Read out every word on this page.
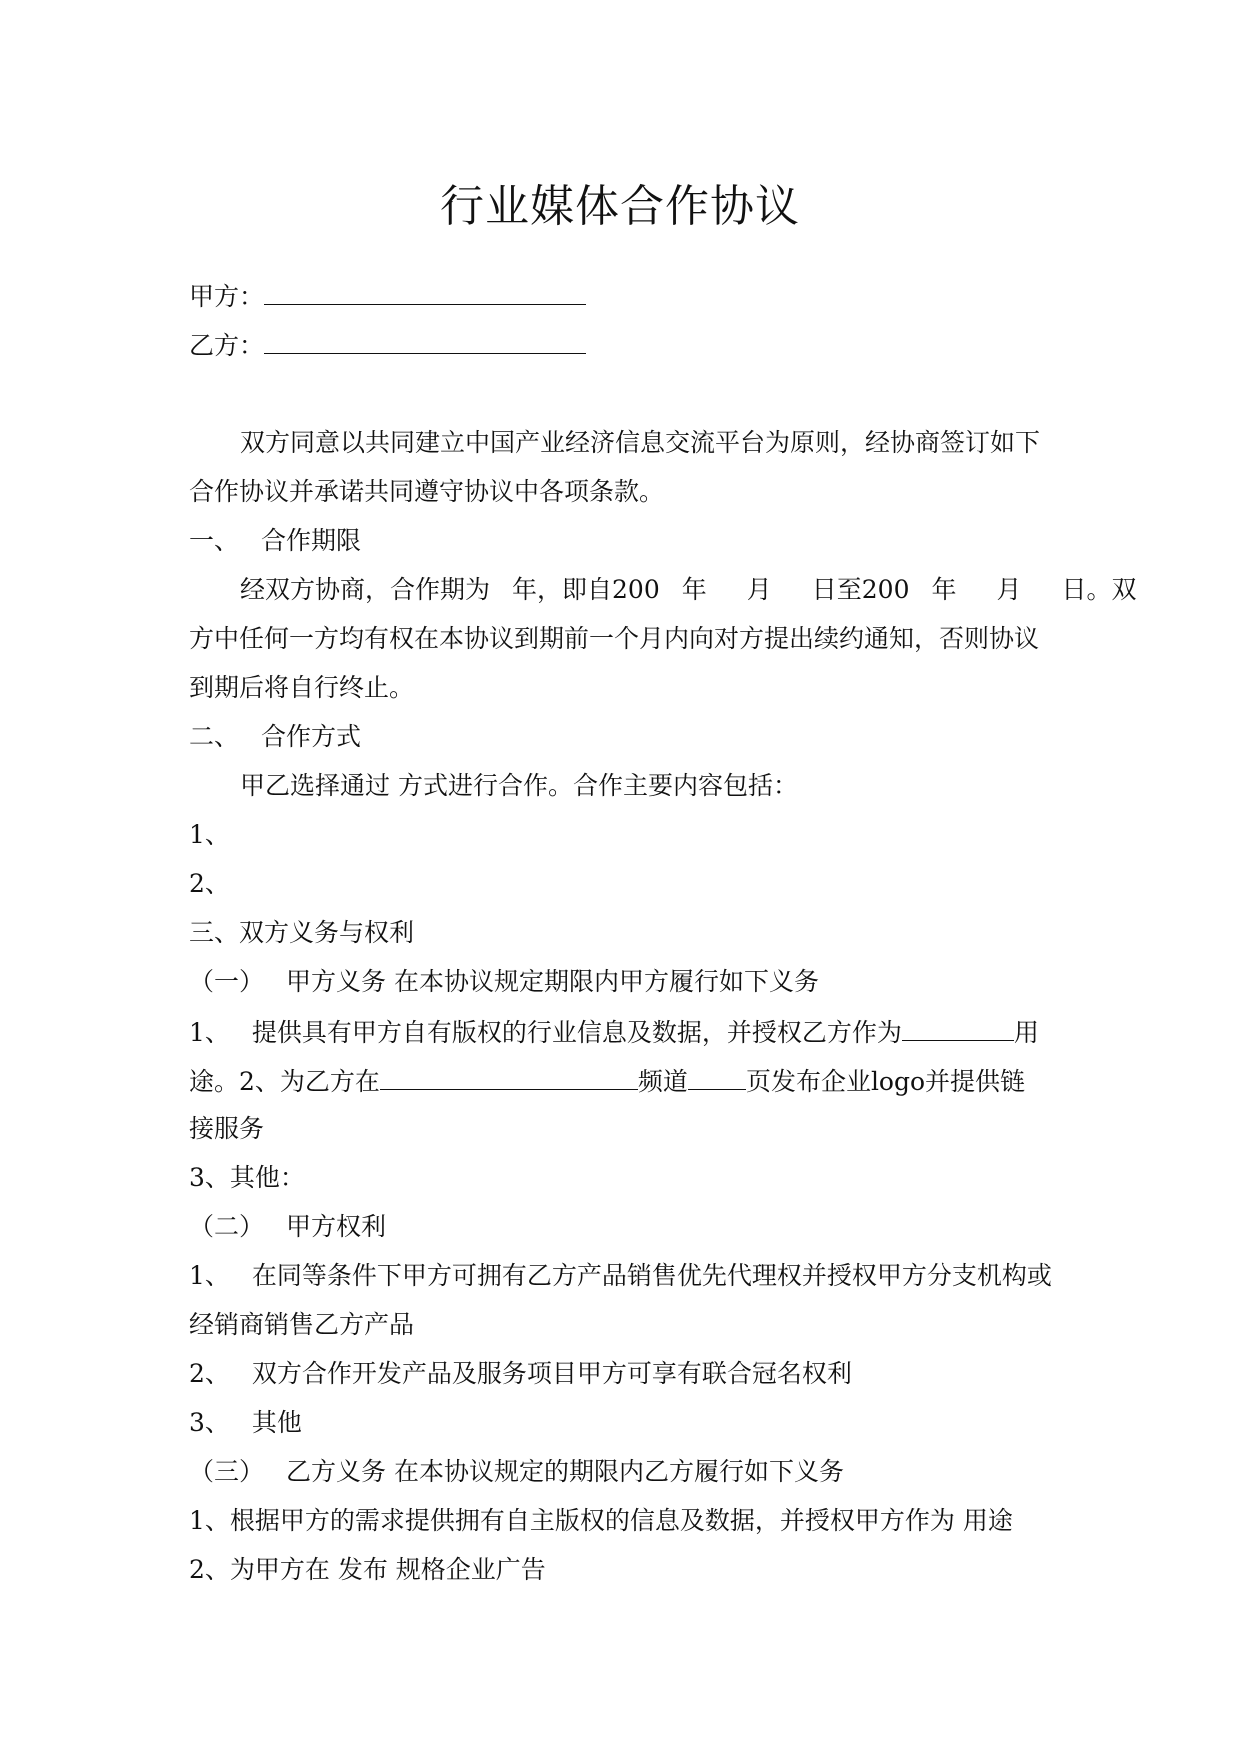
行业媒体合作协议
甲方：
乙方：
双方同意以共同建立中国产业经济信息交流平台为原则，经协商签订如下
合作协议并承诺共同遵守协议中各项条款。
一、 合作期限
经双方协商，合作期为 年，即自200 年 月 日至200 年 月 日。双
方中任何一方均有权在本协议到期前一个月内向对方提出续约通知，否则协议
到期后将自行终止。
二、 合作方式
甲乙选择通过 方式进行合作。合作主要内容包括：
1、
2、
三、双方义务与权利
（一） 甲方义务 在本协议规定期限内甲方履行如下义务
1、 提供具有甲方自有版权的行业信息及数据，并授权乙方作为	用
途。2、为乙方在	频道 页发布企业logo并提供链
接服务
3、其他：
（二） 甲方权利
1、 在同等条件下甲方可拥有乙方产品销售优先代理权并授权甲方分支机构或
经销商销售乙方产品
2、 双方合作开发产品及服务项目甲方可享有联合冠名权利
3、 其他
（三） 乙方义务 在本协议规定的期限内乙方履行如下义务
1、根据甲方的需求提供拥有自主版权的信息及数据，并授权甲方作为 用途
2、为甲方在 发布 规格企业广告
